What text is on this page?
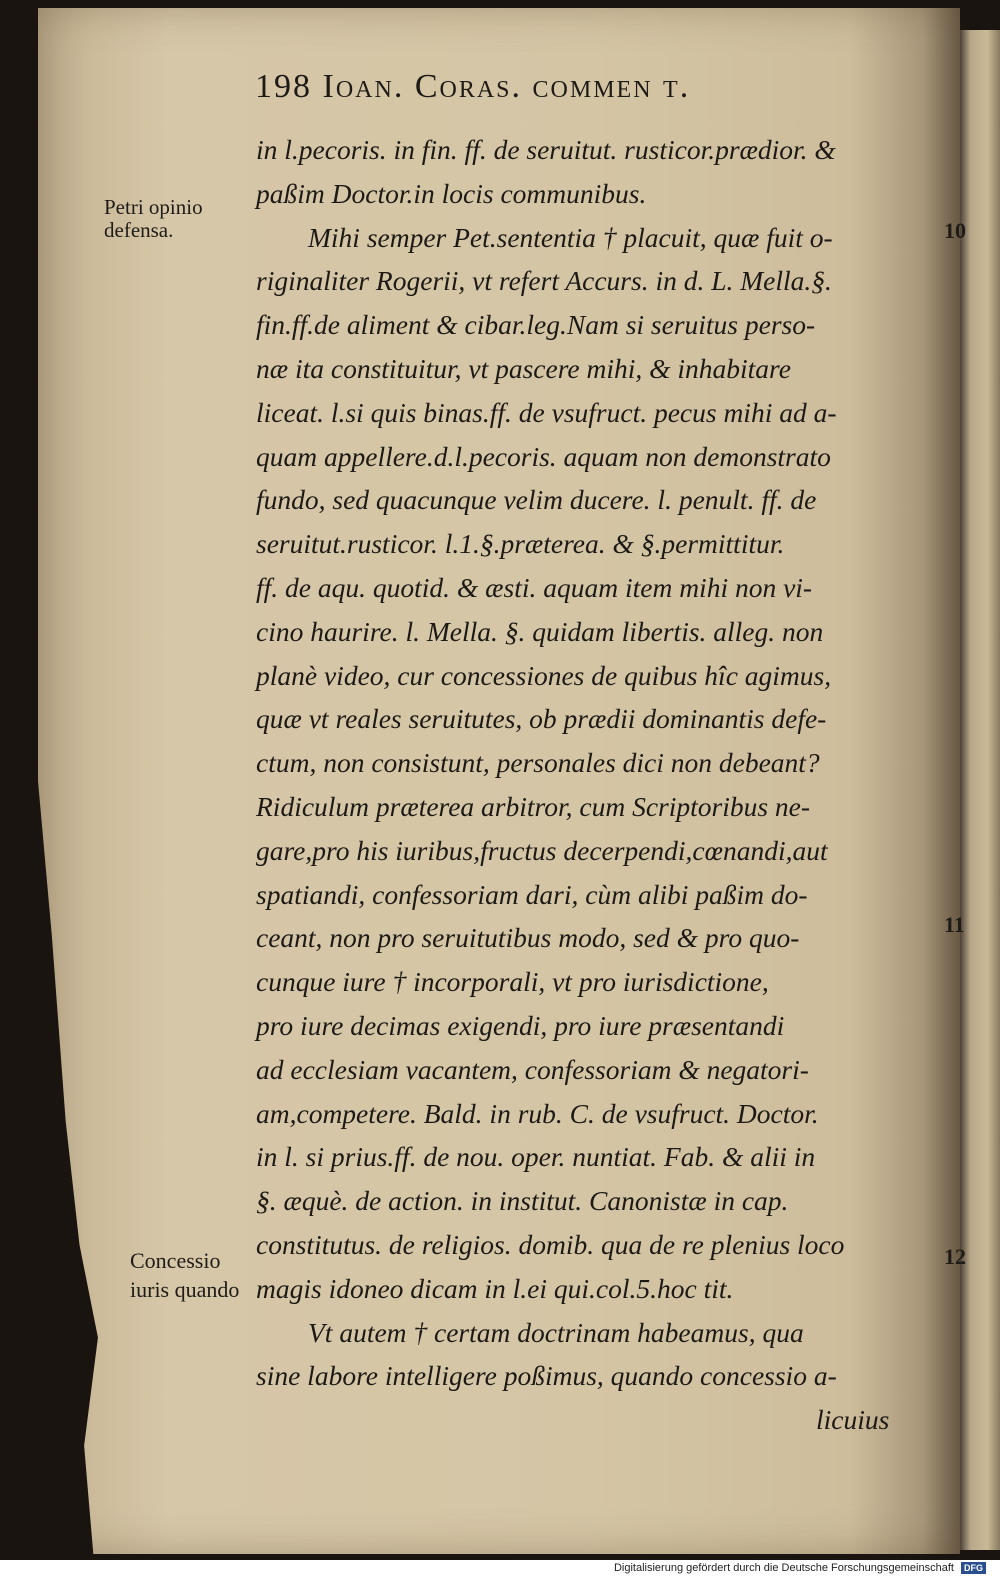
198 Ioan. Coras. commen t.
in l.pecoris. in fin. ff. de seruitut. rusticor.prædior. &
paßim Doctor.in locis communibus.
Mihi semper Pet.sententia † placuit, quæ fuit o-
riginaliter Rogerii, vt refert Accurs. in d. L. Mella.§.
fin.ff.de aliment & cibar.leg.Nam si seruitus perso-
næ ita constituitur, vt pascere mihi, & inhabitare
liceat. l.si quis binas.ff. de vsufruct. pecus mihi ad a-
quam appellere.d.l.pecoris. aquam non demonstrato
fundo, sed quacunque velim ducere. l. penult. ff. de
seruitut.rusticor. l.1.§.præterea. & §.permittitur.
ff. de aqu. quotid. & æsti. aquam item mihi non vi-
cino haurire. l. Mella. §. quidam libertis. alleg. non
planè video, cur concessiones de quibus hîc agimus,
quæ vt reales seruitutes, ob prædii dominantis defe-
ctum, non consistunt, personales dici non debeant?
Ridiculum præterea arbitror, cum Scriptoribus ne-
gare,pro his iuribus,fructus decerpendi,cœnandi,aut
spatiandi, confessoriam dari, cùm alibi paßim do-
ceant, non pro seruitutibus modo, sed & pro quo-
cunque iure † incorporali, vt pro iurisdictione,
pro iure decimas exigendi, pro iure præsentandi
ad ecclesiam vacantem, confessoriam & negatori-
am,competere. Bald. in rub. C. de vsufruct. Doctor.
in l. si prius.ff. de nou. oper. nuntiat. Fab. & alii in
§. æquè. de action. in institut. Canonistæ in cap.
constitutus. de religios. domib. qua de re plenius loco
magis idoneo dicam in l.ei qui.col.5.hoc tit.
Vt autem † certam doctrinam habeamus, qua
sine labore intelligere poßimus, quando concessio a-
licuius
Petri opinio
defensa.
Concessio
iuris quando
10
11
12
Digitalisierung gefördert durch die Deutsche Forschungsgemeinschaft DFG
